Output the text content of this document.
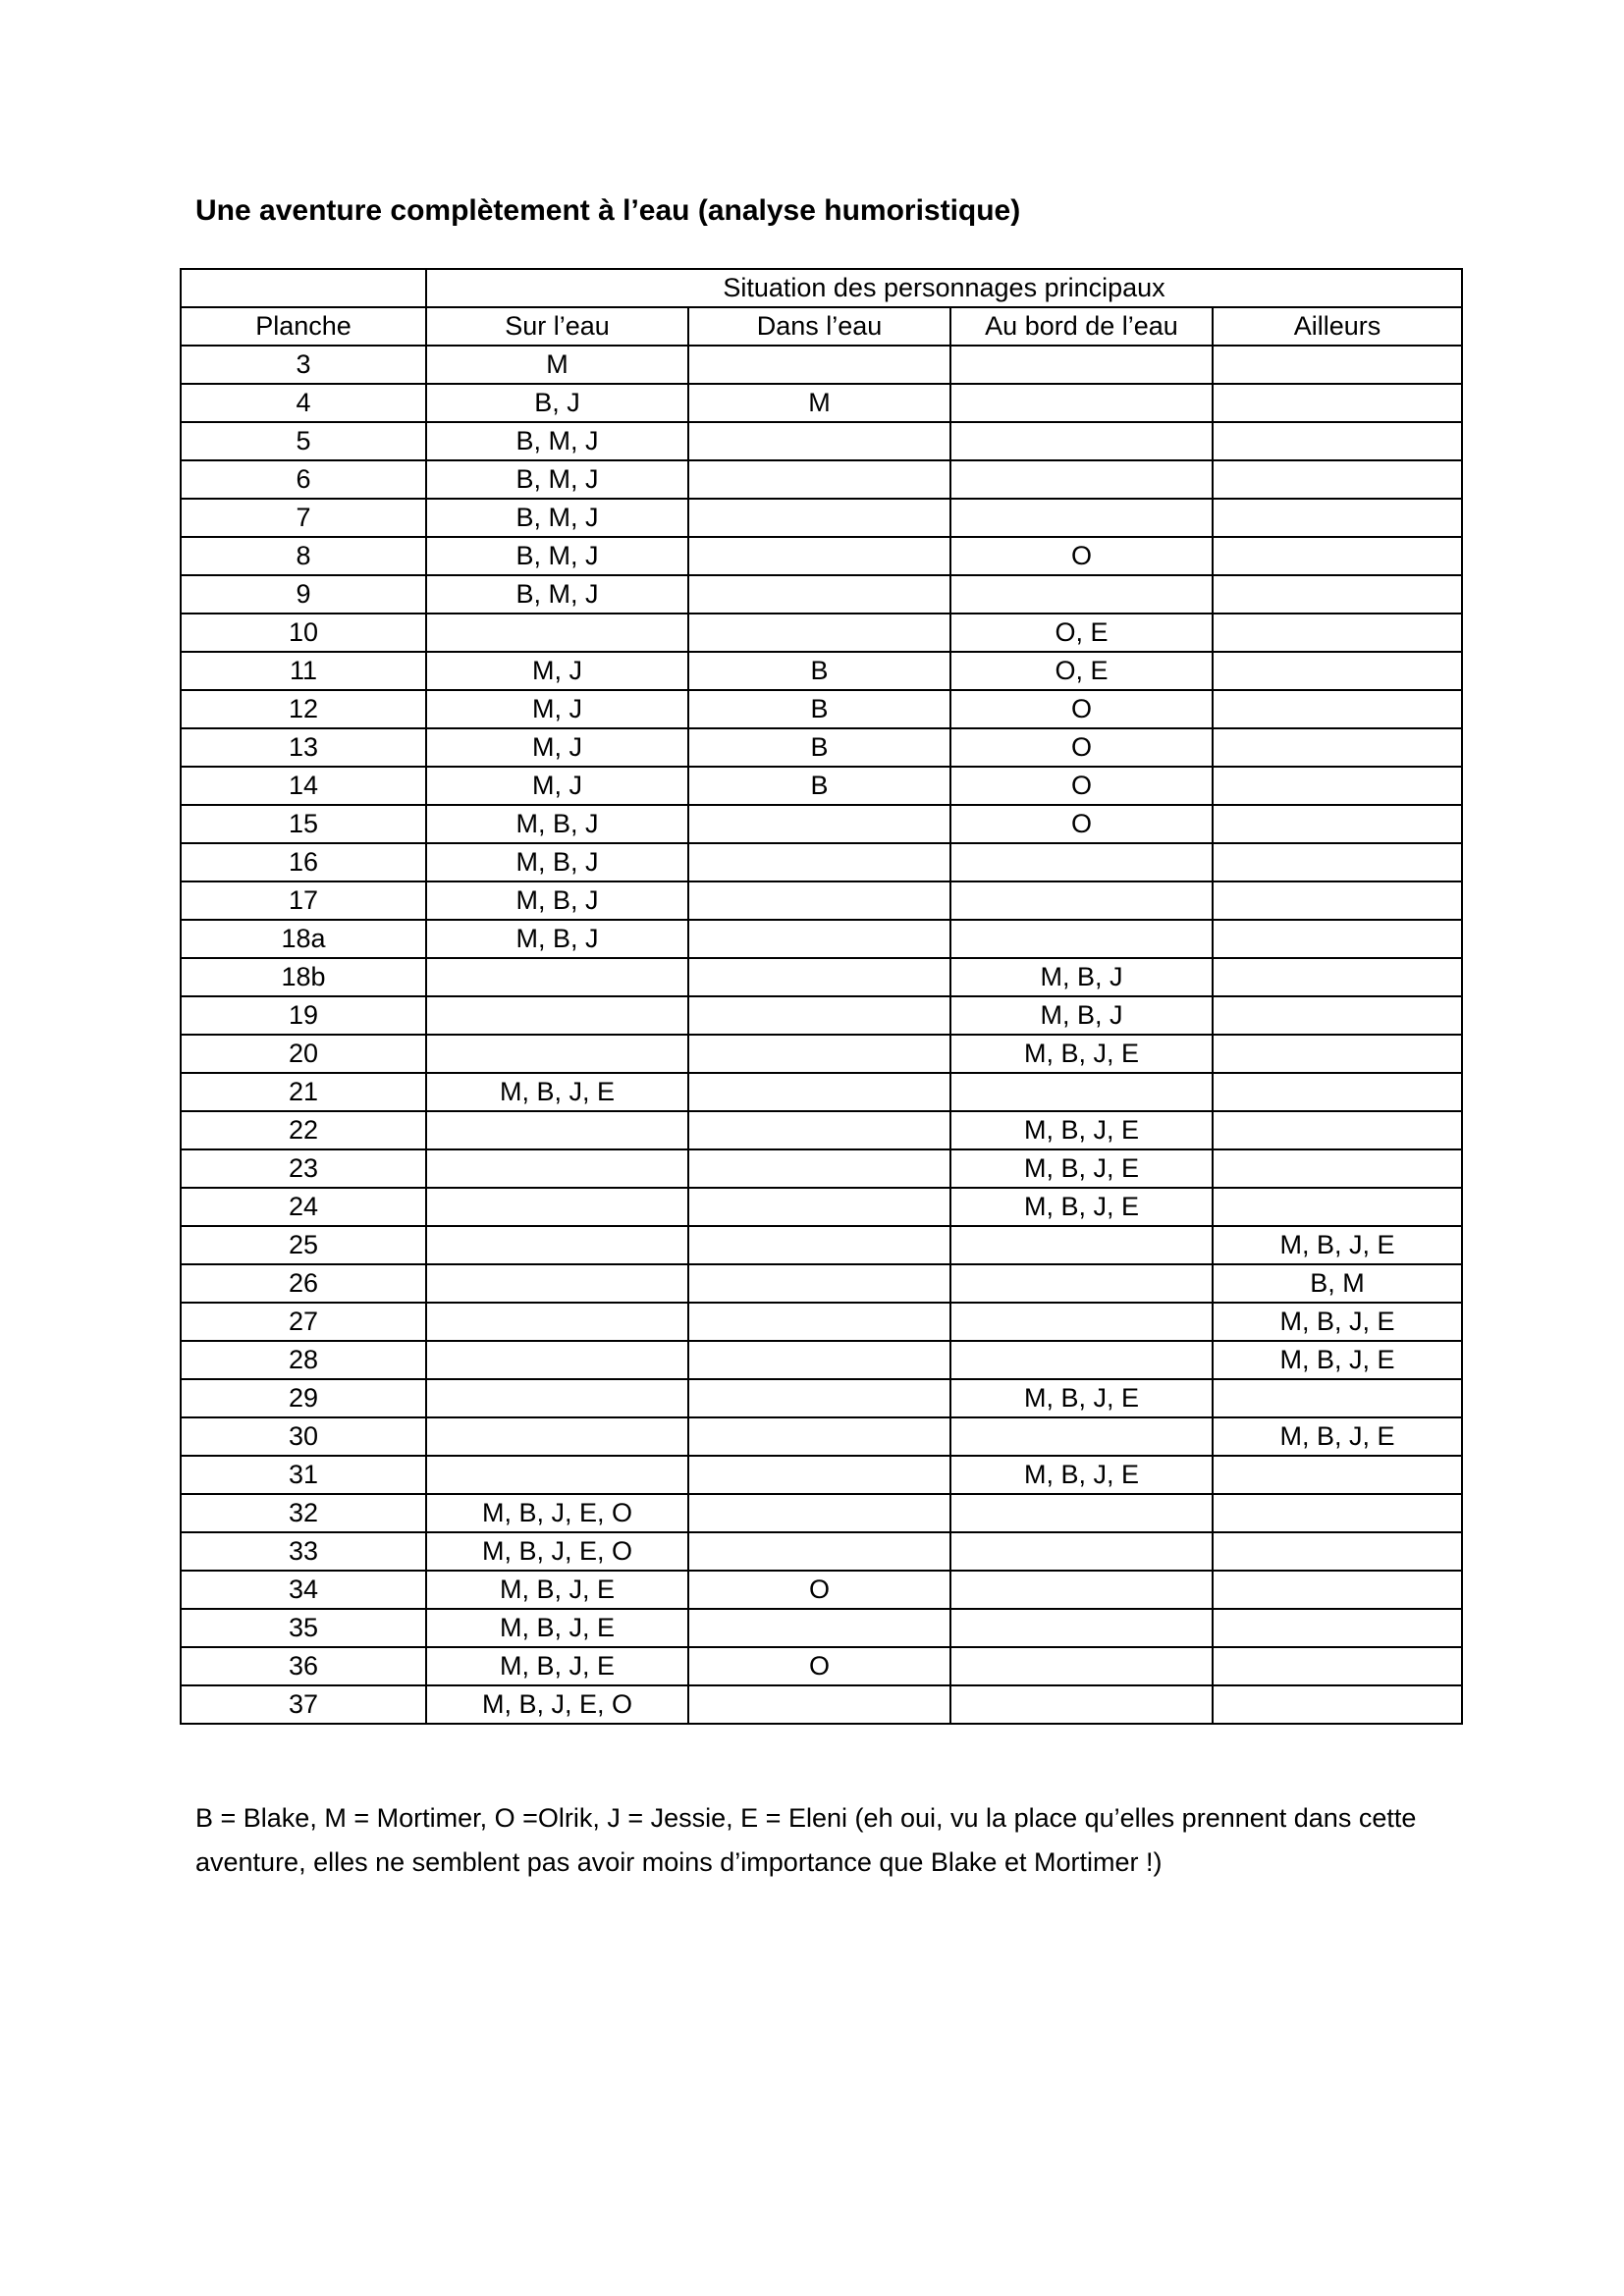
Une aventure complètement à l’eau (analyse humoristique)
	Situation des personnages principaux			
Planche	Sur l’eau	Dans l’eau	Au bord de l’eau	Ailleurs
3	M			
4	B, J	M		
5	B, M, J			
6	B, M, J			
7	B, M, J			
8	B, M, J		O	
9	B, M, J			
10			O, E	
11	M, J	B	O, E	
12	M, J	B	O	
13	M, J	B	O	
14	M, J	B	O	
15	M, B, J		O	
16	M, B, J			
17	M, B, J			
18a	M, B, J			
18b			M, B, J	
19			M, B, J	
20			M, B, J, E	
21	M, B, J, E			
22			M, B, J, E	
23			M, B, J, E	
24			M, B, J, E	
25				M, B, J, E
26				B, M
27				M, B, J, E
28				M, B, J, E
29			M, B, J, E	
30				M, B, J, E
31			M, B, J, E	
32	M, B, J, E, O			
33	M, B, J, E, O			
34	M, B, J, E	O		
35	M, B, J, E			
36	M, B, J, E	O		
37	M, B, J, E, O			
B = Blake, M = Mortimer, O =Olrik, J = Jessie, E = Eleni (eh oui, vu la place qu’elles prennent dans cette aventure, elles ne semblent pas avoir moins d’importance que Blake et Mortimer !)
